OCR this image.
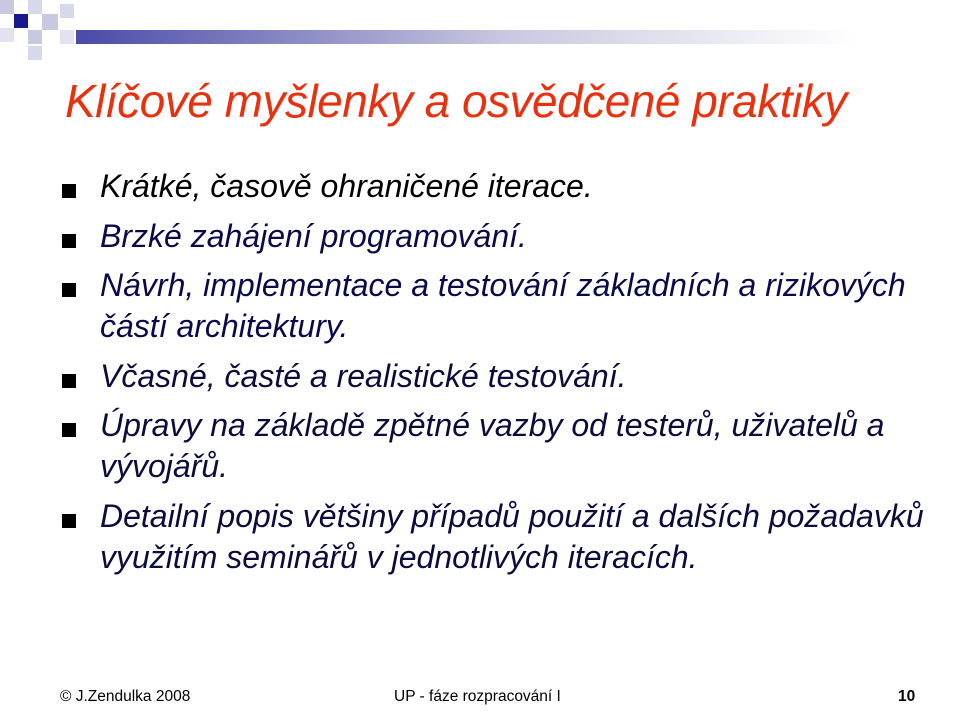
Klíčové myšlenky a osvědčené praktiky
Krátké, časově ohraničené iterace.
Brzké zahájení programování.
Návrh, implementace a testování základních a rizikových částí architektury.
Včasné, časté a realistické testování.
Úpravy na základě zpětné vazby od testerů, uživatelů a vývojářů.
Detailní popis většiny případů použití a dalších požadavků využitím seminářů v jednotlivých iteracích.
© J.Zendulka 2008	UP - fáze rozpracování I	10
